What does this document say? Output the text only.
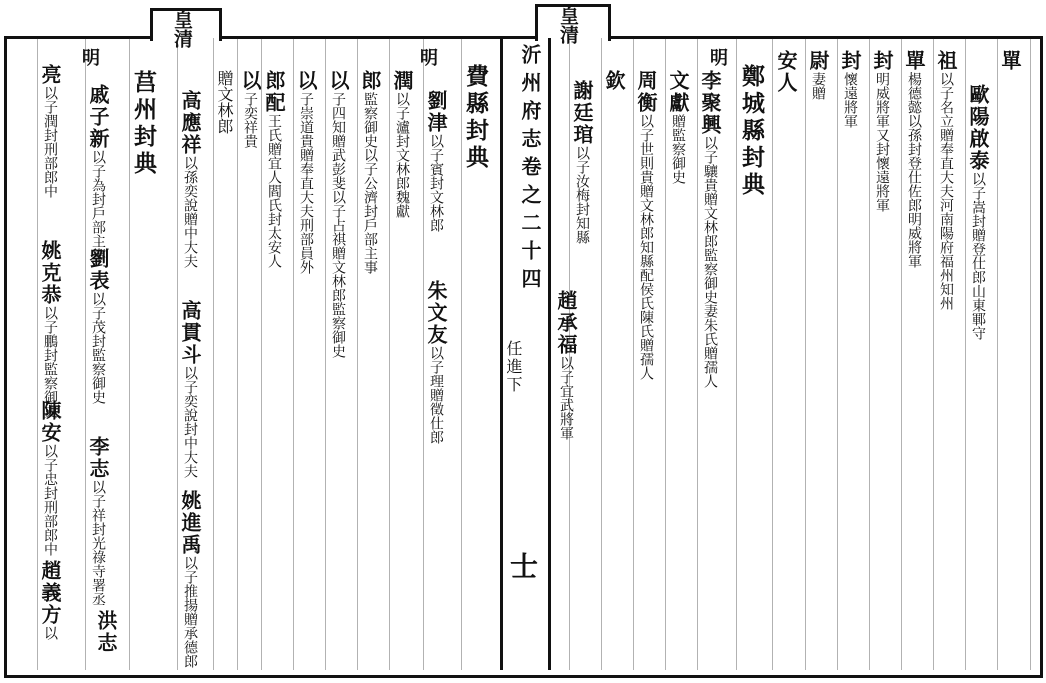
皇清	皇清
明	明	明
任進下
沂州府志卷之二十四
士
單
歐陽啟泰以子嵩封贈登仕郎山東鄆守
祖以子名立贈奉直大夫河南陽府福州知州
單楊德懿以孫封登仕佐郎明威將軍
封明威將軍又封懷遠將軍
封懷遠將軍
尉妻贈
安人
鄭城縣封典
李聚興以子驤貴贈文林郎監察御史妻朱氏贈孺人
文獻贈監察御史
周衡以子世則貴贈文林郎知縣配侯氏陳氏贈孺人
欽
謝廷琯以子汝梅封知縣
趙承福以子宜武將軍
費縣封典
劉津以子賓封文林郎
朱文友以子理贈徵仕郎
潤以子瀘封文林郎魏獻
郎監察御史以子公濟封戶部主事
以子四知贈武彭斐以子占祺贈文林郎監察御史
以子崇道貴贈奉直大夫刑部員外
郎配王氏贈宜人閻氏封太安人
以子奕祥貴
贈文林郎
高應祥以孫奕說贈中大夫
高貫斗以子奕說封中大夫
姚進禹以子推揚贈承德郎
莒州封典
戚子新以子為封戶部主事
劉表以子茂封監察御史
李志以子祥封光祿寺署丞
洪志
亮以子潤封刑部郎中
姚克恭以子鵬封監察御史
陳安以子忠封刑部郎中
趙義方以
